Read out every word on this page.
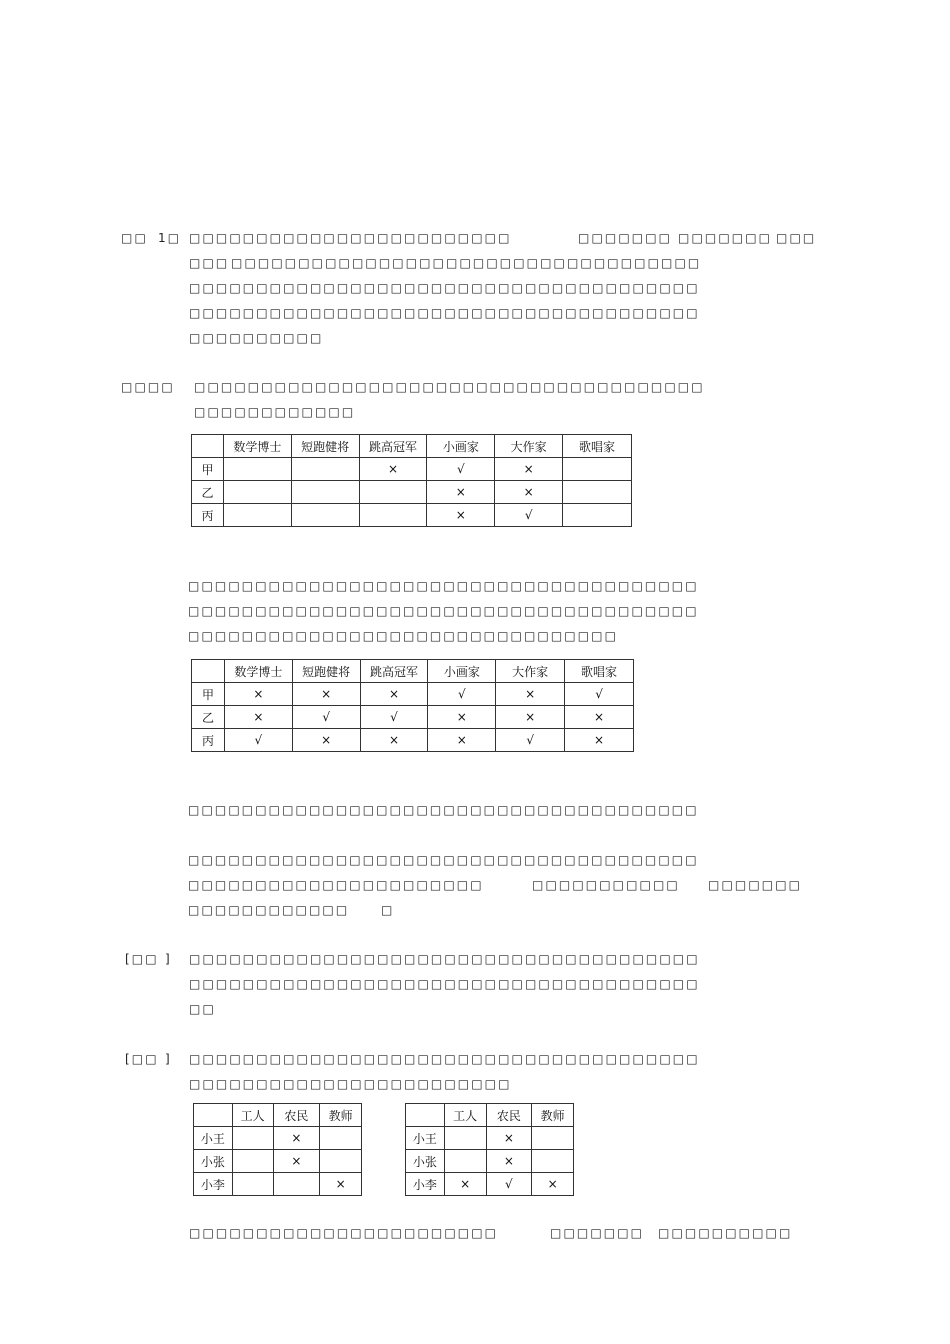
□□ 1□ □□□□□□□□□□□□□□□□□□□□□□□□	□□□□□□□ □□□□□□□ □□□
□□□ □□□□□□□□□□□□□□□□□□□□□□□□□□□□□□□□□□□
□□□□□□□□□□□□□□□□□□□□□□□□□□□□□□□□□□□□□□
□□□□□□□□□□□□□□□□□□□□□□□□□□□□□□□□□□□□□□
□□□□□□□□□□
□□□□ □□□□□□□□□□□□□□□□□□□□□□□□□□□□□□□□□□□□□□
□□□□□□□□□□□□
	数学博士	短跑健将	跳高冠军	小画家	大作家	歌唱家
甲			×	√	×	
乙				×	×	
丙				×	√	
□□□□□□□□□□□□□□□□□□□□□□□□□□□□□□□□□□□□□□
□□□□□□□□□□□□□□□□□□□□□□□□□□□□□□□□□□□□□□
□□□□□□□□□□□□□□□□□□□□□□□□□□□□□□□□
	数学博士	短跑健将	跳高冠军	小画家	大作家	歌唱家
甲	×	×	×	√	×	√
乙	×	√	√	×	×	×
丙	√	×	×	×	√	×
□□□□□□□□□□□□□□□□□□□□□□□□□□□□□□□□□□□□□□
□□□□□□□□□□□□□□□□□□□□□□□□□□□□□□□□□□□□□□
□□□□□□□□□□□□□□□□□□□□□□	□□□□□□□□□□□ □□□□□□□
□□□□□□□□□□□□	□
[□□ ] □□□□□□□□□□□□□□□□□□□□□□□□□□□□□□□□□□□□□□
□□□□□□□□□□□□□□□□□□□□□□□□□□□□□□□□□□□□□□
□□
[□□ ] □□□□□□□□□□□□□□□□□□□□□□□□□□□□□□□□□□□□□□
□□□□□□□□□□□□□□□□□□□□□□□□
	工人	农民	教师
小王		×	
小张		×	
小李			×
	工人	农民	教师
小王		×	
小张		×	
小李	×	√	×
□□□□□□□□□□□□□□□□□□□□□□□	□□□□□□□ □□□□□□□□□□
